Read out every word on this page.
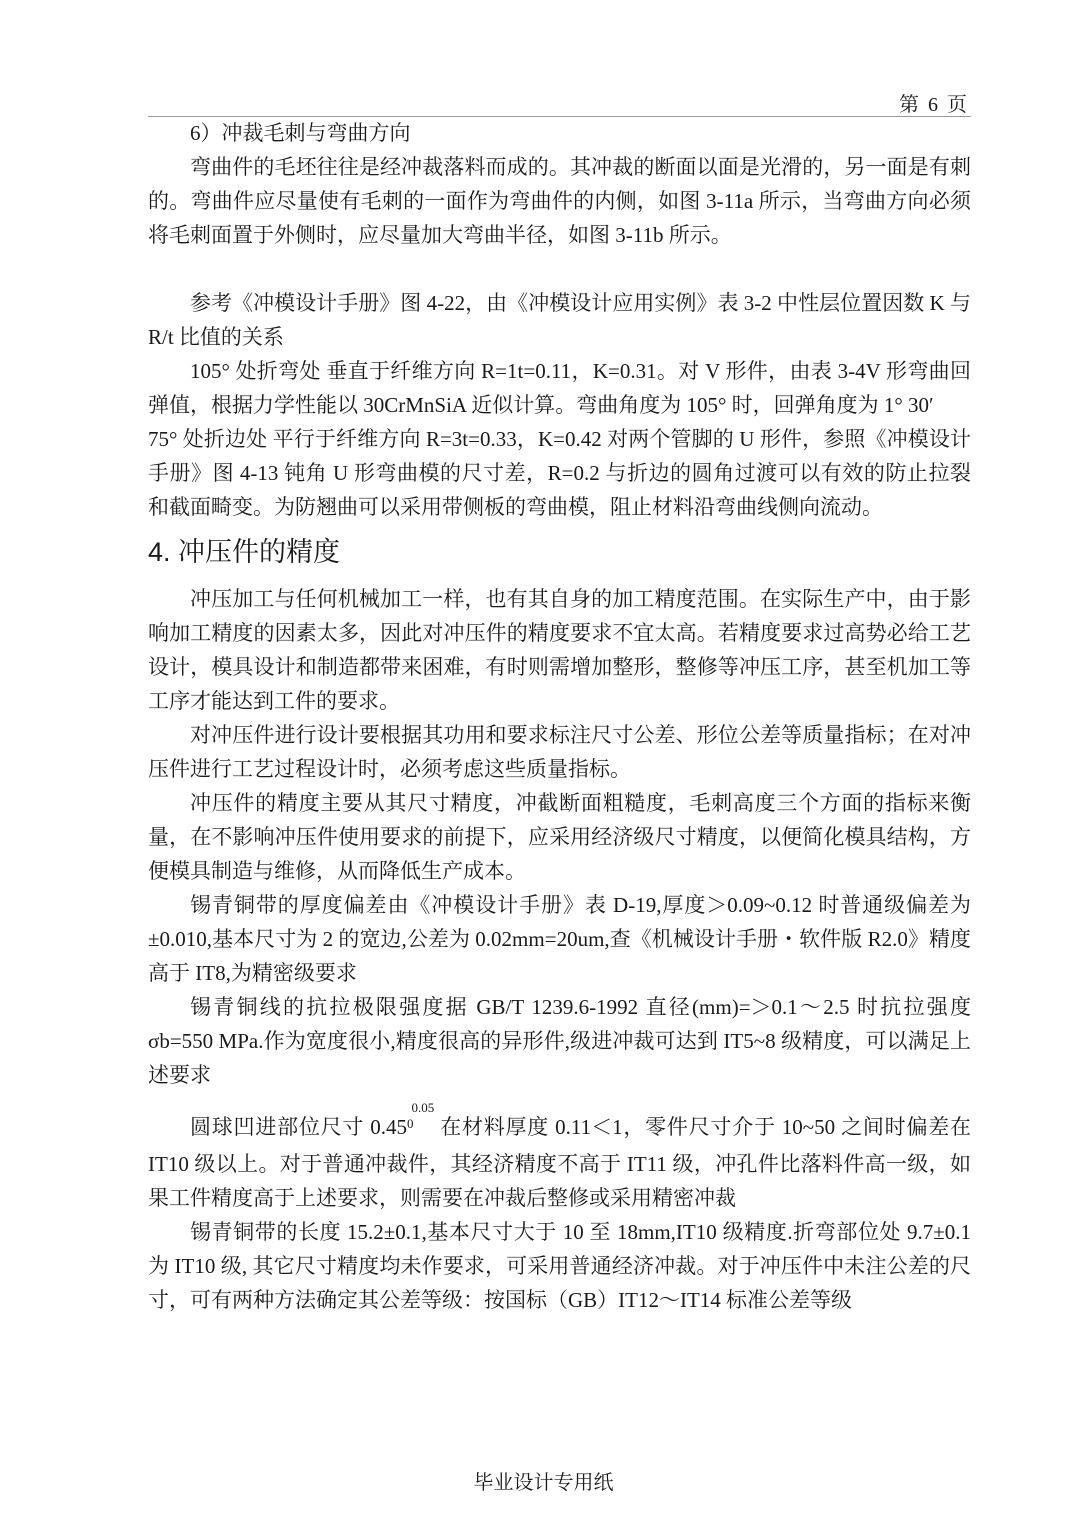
第 6 页

6）冲裁毛刺与弯曲方向

弯曲件的毛坯往往是经冲裁落料而成的。其冲裁的断面以面是光滑的，另一面是有刺的。弯曲件应尽量使有毛刺的一面作为弯曲件的内侧，如图 3-11a 所示，当弯曲方向必须将毛刺面置于外侧时，应尽量加大弯曲半径，如图 3-11b 所示。

参考《冲模设计手册》图 4-22，由《冲模设计应用实例》表 3-2 中性层位置因数 K 与 R/t 比值的关系

105° 处折弯处 垂直于纤维方向 R=1t=0.11，K=0.31。对 V 形件，由表 3-4V 形弯曲回弹值，根据力学性能以 30CrMnSiA 近似计算。弯曲角度为 105° 时，回弹角度为 1° 30′

75° 处折边处 平行于纤维方向 R=3t=0.33，K=0.42 对两个管脚的 U 形件，参照《冲模设计手册》图 4-13 钝角 U 形弯曲模的尺寸差，R=0.2 与折边的圆角过渡可以有效的防止拉裂和截面畸变。为防翘曲可以采用带侧板的弯曲模，阻止材料沿弯曲线侧向流动。

4. 冲压件的精度

冲压加工与任何机械加工一样，也有其自身的加工精度范围。在实际生产中，由于影响加工精度的因素太多，因此对冲压件的精度要求不宜太高。若精度要求过高势必给工艺设计，模具设计和制造都带来困难，有时则需增加整形，整修等冲压工序，甚至机加工等工序才能达到工件的要求。

对冲压件进行设计要根据其功用和要求标注尺寸公差、形位公差等质量指标；在对冲压件进行工艺过程设计时，必须考虑这些质量指标。

冲压件的精度主要从其尺寸精度，冲截断面粗糙度，毛刺高度三个方面的指标来衡量，在不影响冲压件使用要求的前提下，应采用经济级尺寸精度，以便简化模具结构，方便模具制造与维修，从而降低生产成本。

锡青铜带的厚度偏差由《冲模设计手册》表 D-19,厚度＞0.09~0.12 时普通级偏差为±0.010,基本尺寸为 2 的宽边,公差为 0.02mm=20um,查《机械设计手册・软件版 R2.0》精度高于 IT8,为精密级要求

锡青铜线的抗拉极限强度据 GB/T 1239.6-1992 直径(mm)=＞0.1～2.5 时抗拉强度σb=550 MPa.作为宽度很小,精度很高的异形件,级进冲裁可达到 IT5~8 级精度，可以满足上述要求

圆球凹进部位尺寸 $0.45^{00.05}$ 在材料厚度 0.11＜1，零件尺寸介于 10~50 之间时偏差在 IT10 级以上。对于普通冲裁件，其经济精度不高于 IT11 级，冲孔件比落料件高一级，如果工件精度高于上述要求，则需要在冲裁后整修或采用精密冲裁

锡青铜带的长度 15.2±0.1,基本尺寸大于 10 至 18mm,IT10 级精度.折弯部位处 9.7±0.1 为 IT10 级, 其它尺寸精度均未作要求，可采用普通经济冲裁。对于冲压件中未注公差的尺寸，可有两种方法确定其公差等级：按国标（GB）IT12～IT14 标准公差等级

毕业设计专用纸
